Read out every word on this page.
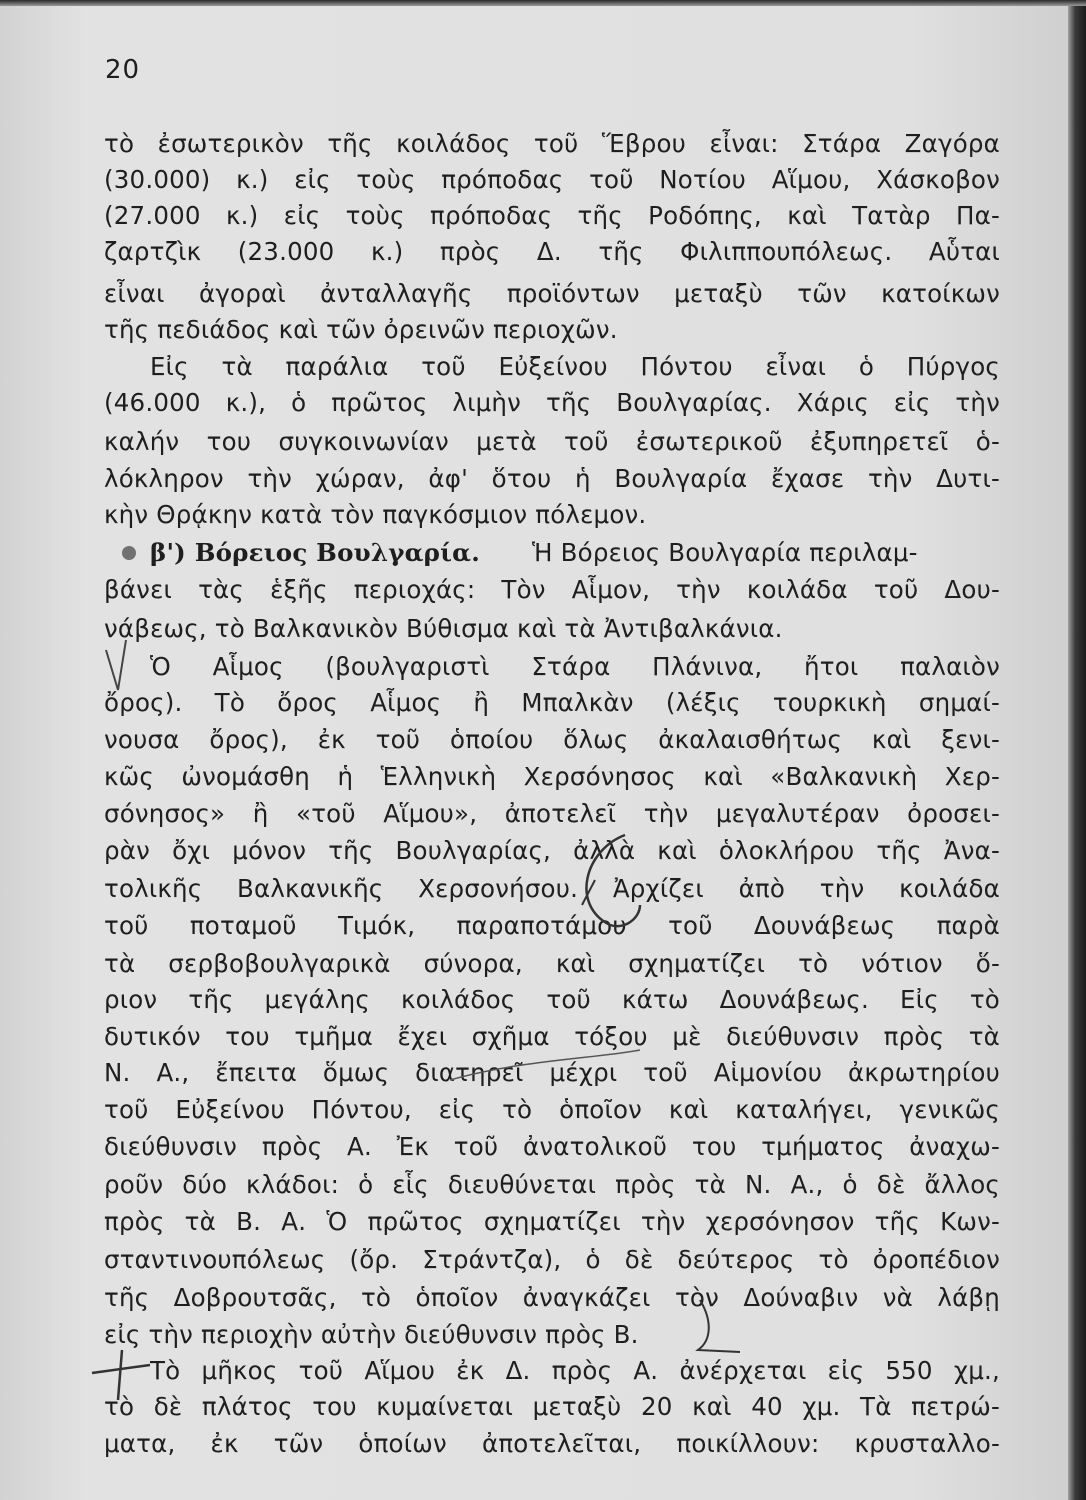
20
τὸ ἐσωτερικὸν τῆς κοιλάδος τοῦ Ἕβρου εἶναι: Στάρα Ζαγόρα
(30.000) κ.) εἰς τοὺς πρόποδας τοῦ Νοτίου Αἵμου, Χάσκοβον
(27.000 κ.) εἰς τοὺς πρόποδας τῆς Ροδόπης, καὶ Τατὰρ Πα-
ζαρτζὶκ (23.000 κ.) πρὸς Δ. τῆς Φιλιππουπόλεως. Αὗται
εἶναι ἀγοραὶ ἀνταλλαγῆς προϊόντων μεταξὺ τῶν κατοίκων
τῆς πεδιάδος καὶ τῶν ὀρεινῶν περιοχῶν.
Εἰς τὰ παράλια τοῦ Εὐξείνου Πόντου εἶναι ὁ Πύργος
(46.000 κ.), ὁ πρῶτος λιμὴν τῆς Βουλγαρίας. Χάρις εἰς τὴν
καλήν του συγκοινωνίαν μετὰ τοῦ ἐσωτερικοῦ ἐξυπηρετεῖ ὁ-
λόκληρον τὴν χώραν, ἀφ' ὅτου ἡ Βουλγαρία ἔχασε τὴν Δυτι-
κὴν Θρᾴκην κατὰ τὸν παγκόσμιον πόλεμον.
β') Βόρειος Βουλγαρία. Ἡ Βόρειος Βουλγαρία περιλαμ-
βάνει τὰς ἑξῆς περιοχάς: Τὸν Αἷμον, τὴν κοιλάδα τοῦ Δου-
νάβεως, τὸ Βαλκανικὸν Βύθισμα καὶ τὰ Ἀντιβαλκάνια.
Ὁ Αἷμος (βουλγαριστὶ Στάρα Πλάνινα, ἤτοι παλαιὸν
ὄρος). Τὸ ὄρος Αἷμος ἢ Μπαλκὰν (λέξις τουρκικὴ σημαί-
νουσα ὄρος), ἐκ τοῦ ὁποίου ὅλως ἀκαλαισθήτως καὶ ξενι-
κῶς ὠνομάσθη ἡ Ἑλληνικὴ Χερσόνησος καὶ «Βαλκανικὴ Χερ-
σόνησος» ἢ «τοῦ Αἵμου», ἀποτελεῖ τὴν μεγαλυτέραν ὀροσει-
ρὰν ὄχι μόνον τῆς Βουλγαρίας, ἀλλὰ καὶ ὁλοκλήρου τῆς Ἀνα-
τολικῆς Βαλκανικῆς Χερσονήσου. Ἀρχίζει ἀπὸ τὴν κοιλάδα
τοῦ ποταμοῦ Τιμόκ, παραποτάμου τοῦ Δουνάβεως παρὰ
τὰ σερβοβουλγαρικὰ σύνορα, καὶ σχηματίζει τὸ νότιον ὅ-
ριον τῆς μεγάλης κοιλάδος τοῦ κάτω Δουνάβεως. Εἰς τὸ
δυτικόν του τμῆμα ἔχει σχῆμα τόξου μὲ διεύθυνσιν πρὸς τὰ
Ν. Α., ἔπειτα ὅμως διατηρεῖ μέχρι τοῦ Αἱμονίου ἀκρωτηρίου
τοῦ Εὐξείνου Πόντου, εἰς τὸ ὁποῖον καὶ καταλήγει, γενικῶς
διεύθυνσιν πρὸς Α. Ἐκ τοῦ ἀνατολικοῦ του τμήματος ἀναχω-
ροῦν δύο κλάδοι: ὁ εἷς διευθύνεται πρὸς τὰ Ν. Α., ὁ δὲ ἄλλος
πρὸς τὰ Β. Α. Ὁ πρῶτος σχηματίζει τὴν χερσόνησον τῆς Κων-
σταντινουπόλεως (ὄρ. Στράντζα), ὁ δὲ δεύτερος τὸ ὀροπέδιον
τῆς Δοβρουτσᾶς, τὸ ὁποῖον ἀναγκάζει τὸν Δούναβιν νὰ λάβῃ
εἰς τὴν περιοχὴν αὐτὴν διεύθυνσιν πρὸς Β.
Τὸ μῆκος τοῦ Αἵμου ἐκ Δ. πρὸς Α. ἀνέρχεται εἰς 550 χμ.,
τὸ δὲ πλάτος του κυμαίνεται μεταξὺ 20 καὶ 40 χμ. Τὰ πετρώ-
ματα, ἐκ τῶν ὁποίων ἀποτελεῖται, ποικίλλουν: κρυσταλλο-
